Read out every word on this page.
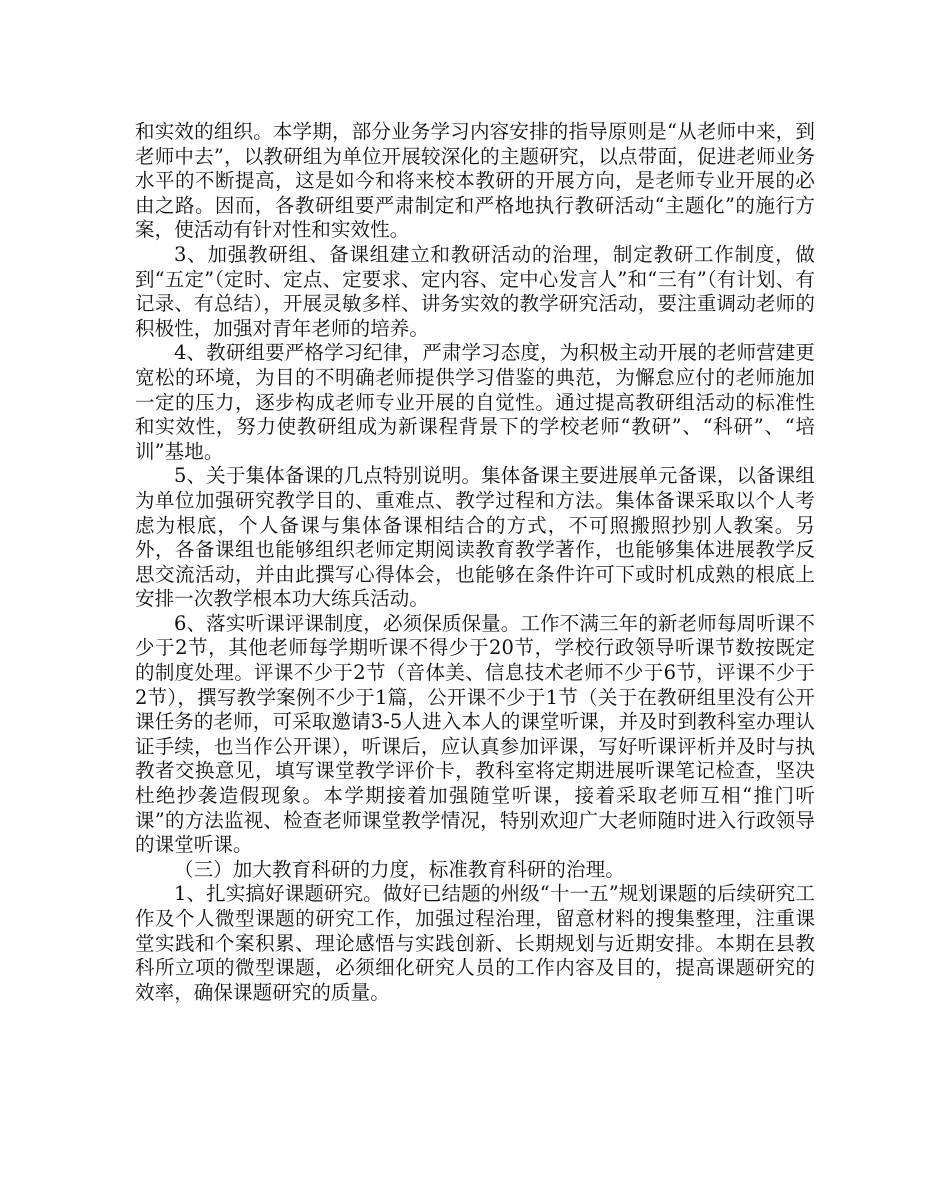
和实效的组织。本学期，部分业务学习内容安排的指导原则是“从老师中来，到老师中去”，以教研组为单位开展较深化的主题研究，以点带面，促进老师业务水平的不断提高，这是如今和将来校本教研的开展方向，是老师专业开展的必由之路。因而，各教研组要严肃制定和严格地执行教研活动“主题化”的施行方案，使活动有针对性和实效性。

3、加强教研组、备课组建立和教研活动的治理，制定教研工作制度，做到“五定”（定时、定点、定要求、定内容、定中心发言人”和“三有”（有计划、有记录、有总结），开展灵敏多样、讲务实效的教学研究活动，要注重调动老师的积极性，加强对青年老师的培养。

4、教研组要严格学习纪律，严肃学习态度，为积极主动开展的老师营建更宽松的环境，为目的不明确老师提供学习借鉴的典范，为懈怠应付的老师施加一定的压力，逐步构成老师专业开展的自觉性。通过提高教研组活动的标准性和实效性，努力使教研组成为新课程背景下的学校老师“教研”、“科研”、“培训”基地。

5、关于集体备课的几点特别说明。集体备课主要进展单元备课，以备课组为单位加强研究教学目的、重难点、教学过程和方法。集体备课采取以个人考虑为根底，个人备课与集体备课相结合的方式，不可照搬照抄别人教案。另外，各备课组也能够组织老师定期阅读教育教学著作，也能够集体进展教学反思交流活动，并由此撰写心得体会，也能够在条件许可下或时机成熟的根底上安排一次教学根本功大练兵活动。

6、落实听课评课制度，必须保质保量。工作不满三年的新老师每周听课不少于2节，其他老师每学期听课不得少于20节，学校行政领导听课节数按既定的制度处理。评课不少于2节（音体美、信息技术老师不少于6节，评课不少于2节），撰写教学案例不少于1篇，公开课不少于1节（关于在教研组里没有公开课任务的老师，可采取邀请3-5人进入本人的课堂听课，并及时到教科室办理认证手续，也当作公开课），听课后，应认真参加评课，写好听课评析并及时与执教者交换意见，填写课堂教学评价卡，教科室将定期进展听课笔记检查，坚决杜绝抄袭造假现象。本学期接着加强随堂听课，接着采取老师互相“推门听课”的方法监视、检查老师课堂教学情况，特别欢迎广大老师随时进入行政领导的课堂听课。

（三）加大教育科研的力度，标准教育科研的治理。

1、扎实搞好课题研究。做好已结题的州级“十一五”规划课题的后续研究工作及个人微型课题的研究工作，加强过程治理，留意材料的搜集整理，注重课堂实践和个案积累、理论感悟与实践创新、长期规划与近期安排。本期在县教科所立项的微型课题，必须细化研究人员的工作内容及目的，提高课题研究的效率，确保课题研究的质量。
